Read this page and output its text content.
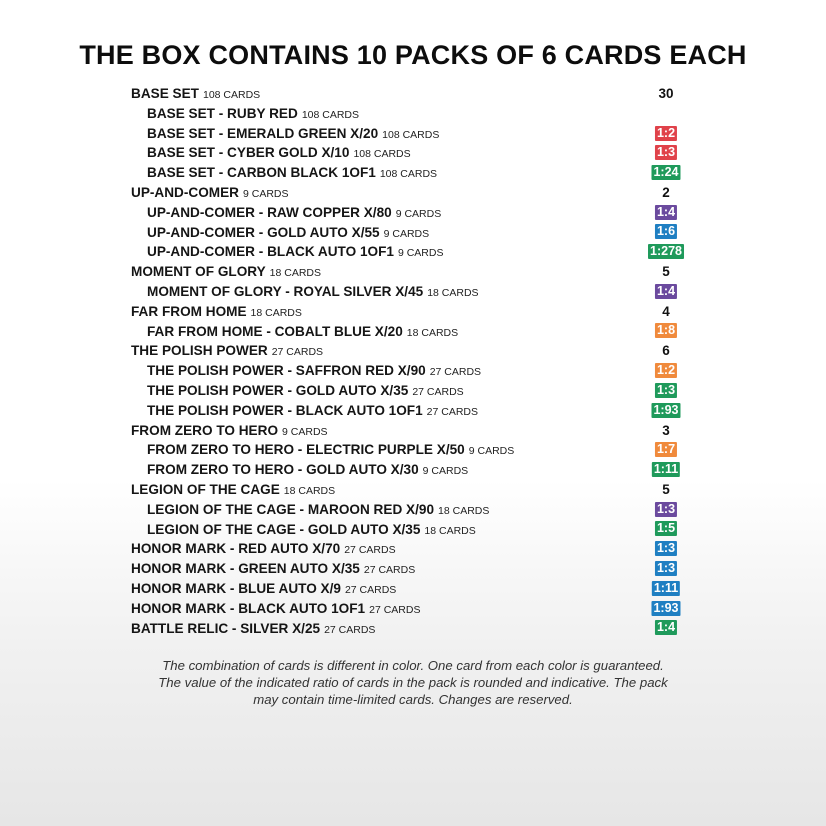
THE BOX CONTAINS 10 PACKS OF 6 CARDS EACH
BASE SET 108 CARDS	30
BASE SET - RUBY RED 108 CARDS
BASE SET - EMERALD GREEN X/20 108 CARDS	1:2
BASE SET - CYBER GOLD X/10 108 CARDS	1:3
BASE SET - CARBON BLACK 1OF1 108 CARDS	1:24
UP-AND-COMER 9 CARDS	2
UP-AND-COMER - RAW COPPER X/80 9 CARDS	1:4
UP-AND-COMER - GOLD AUTO X/55 9 CARDS	1:6
UP-AND-COMER - BLACK AUTO 1OF1 9 CARDS	1:278
MOMENT OF GLORY 18 CARDS	5
MOMENT OF GLORY - ROYAL SILVER X/45 18 CARDS	1:4
FAR FROM HOME 18 CARDS	4
FAR FROM HOME - COBALT BLUE X/20 18 CARDS	1:8
THE POLISH POWER 27 CARDS	6
THE POLISH POWER - SAFFRON RED X/90 27 CARDS	1:2
THE POLISH POWER - GOLD AUTO X/35 27 CARDS	1:3
THE POLISH POWER - BLACK AUTO 1OF1 27 CARDS	1:93
FROM ZERO TO HERO 9 CARDS	3
FROM ZERO TO HERO - ELECTRIC PURPLE X/50 9 CARDS	1:7
FROM ZERO TO HERO - GOLD AUTO X/30 9 CARDS	1:11
LEGION OF THE CAGE 18 CARDS	5
LEGION OF THE CAGE - MAROON RED X/90 18 CARDS	1:3
LEGION OF THE CAGE - GOLD AUTO X/35 18 CARDS	1:5
HONOR MARK - RED AUTO X/70 27 CARDS	1:3
HONOR MARK - GREEN AUTO X/35 27 CARDS	1:3
HONOR MARK - BLUE AUTO X/9 27 CARDS	1:11
HONOR MARK - BLACK AUTO 1OF1 27 CARDS	1:93
BATTLE RELIC - SILVER X/25 27 CARDS	1:4
The combination of cards is different in color. One card from each color is guaranteed.
The value of the indicated ratio of cards in the pack is rounded and indicative. The pack
may contain time-limited cards. Changes are reserved.
